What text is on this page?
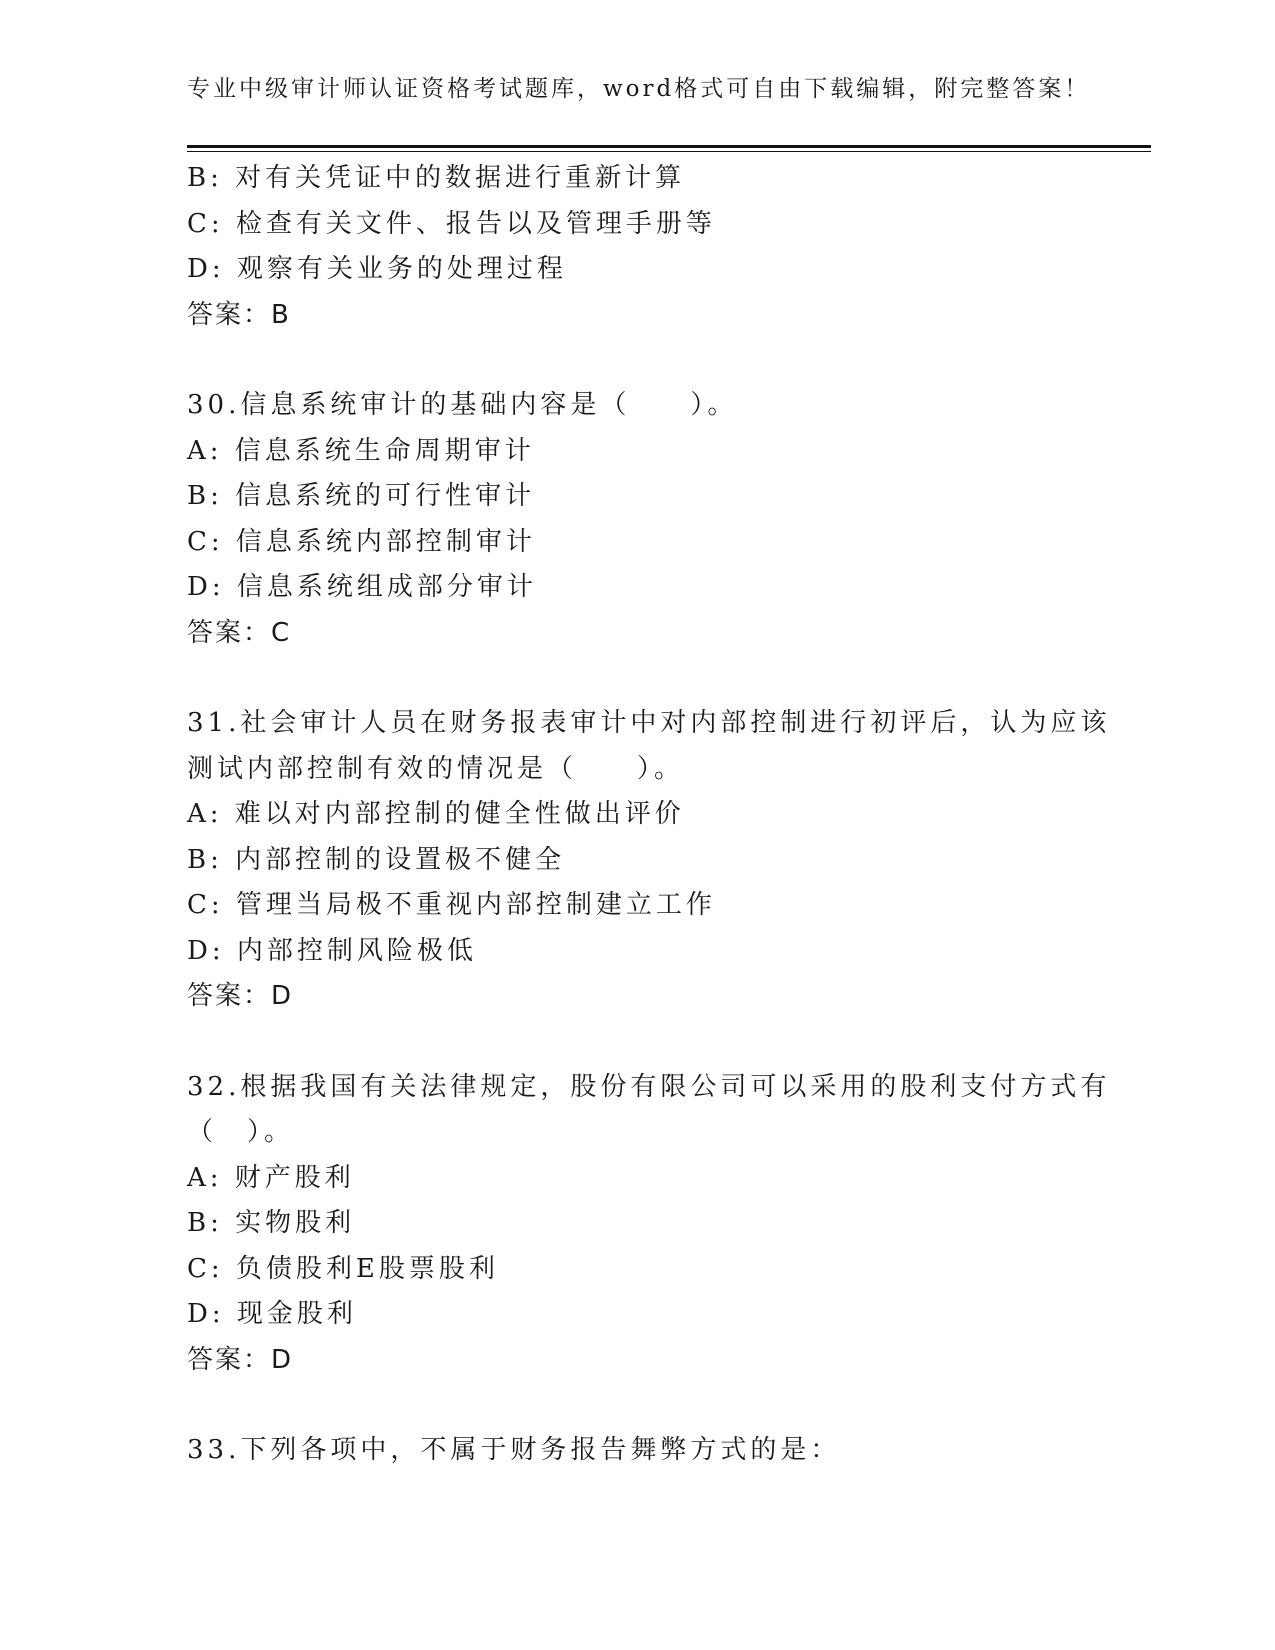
专业中级审计师认证资格考试题库，word格式可自由下载编辑，附完整答案！
B: 对有关凭证中的数据进行重新计算
C: 检查有关文件、报告以及管理手册等
D: 观察有关业务的处理过程
答案：B
30.信息系统审计的基础内容是（　　）。
A: 信息系统生命周期审计
B: 信息系统的可行性审计
C: 信息系统内部控制审计
D: 信息系统组成部分审计
答案：C
31.社会审计人员在财务报表审计中对内部控制进行初评后，认为应该
测试内部控制有效的情况是（　　）。
A: 难以对内部控制的健全性做出评价
B: 内部控制的设置极不健全
C: 管理当局极不重视内部控制建立工作
D: 内部控制风险极低
答案：D
32.根据我国有关法律规定，股份有限公司可以采用的股利支付方式有
（　）。
A: 财产股利
B: 实物股利
C: 负债股利E股票股利
D: 现金股利
答案：D
33.下列各项中，不属于财务报告舞弊方式的是：
